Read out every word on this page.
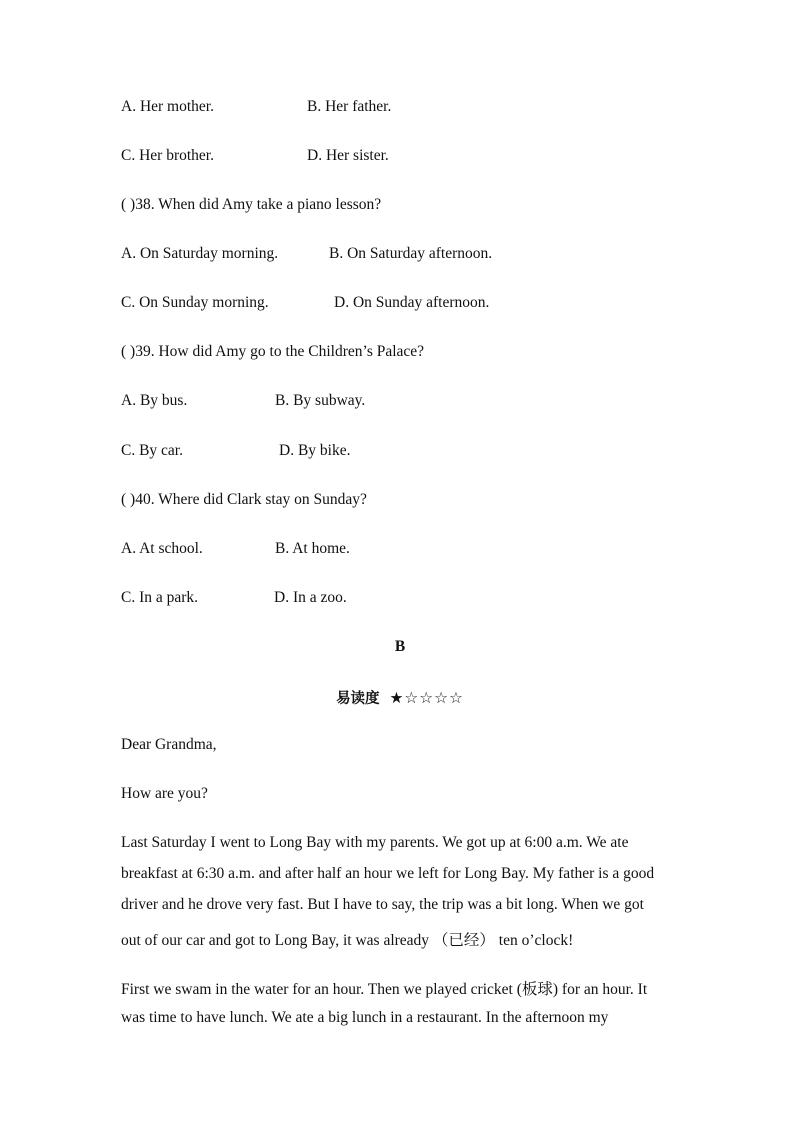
A. Her mother.	B. Her father.
C. Her brother.	D. Her sister.
( )38. When did Amy take a piano lesson?
A. On Saturday morning.	B. On Saturday afternoon.
C. On Sunday morning.	D. On Sunday afternoon.
( )39. How did Amy go to the Children’s Palace?
A. By bus.	B. By subway.
C. By car.	D. By bike.
( )40. Where did Clark stay on Sunday?
A. At school.	B. At home.
C. In a park.	D. In a zoo.
B
易读度 ★☆☆☆☆
Dear Grandma,
How are you?
Last Saturday I went to Long Bay with my parents. We got up at 6:00 a.m. We ate
breakfast at 6:30 a.m. and after half an hour we left for Long Bay. My father is a good
driver and he drove very fast. But I have to say, the trip was a bit long. When we got
out of our car and got to Long Bay, it was already （已经） ten o’clock!
First we swam in the water for an hour. Then we played cricket (板球) for an hour. It
was time to have lunch. We ate a big lunch in a restaurant. In the afternoon my
